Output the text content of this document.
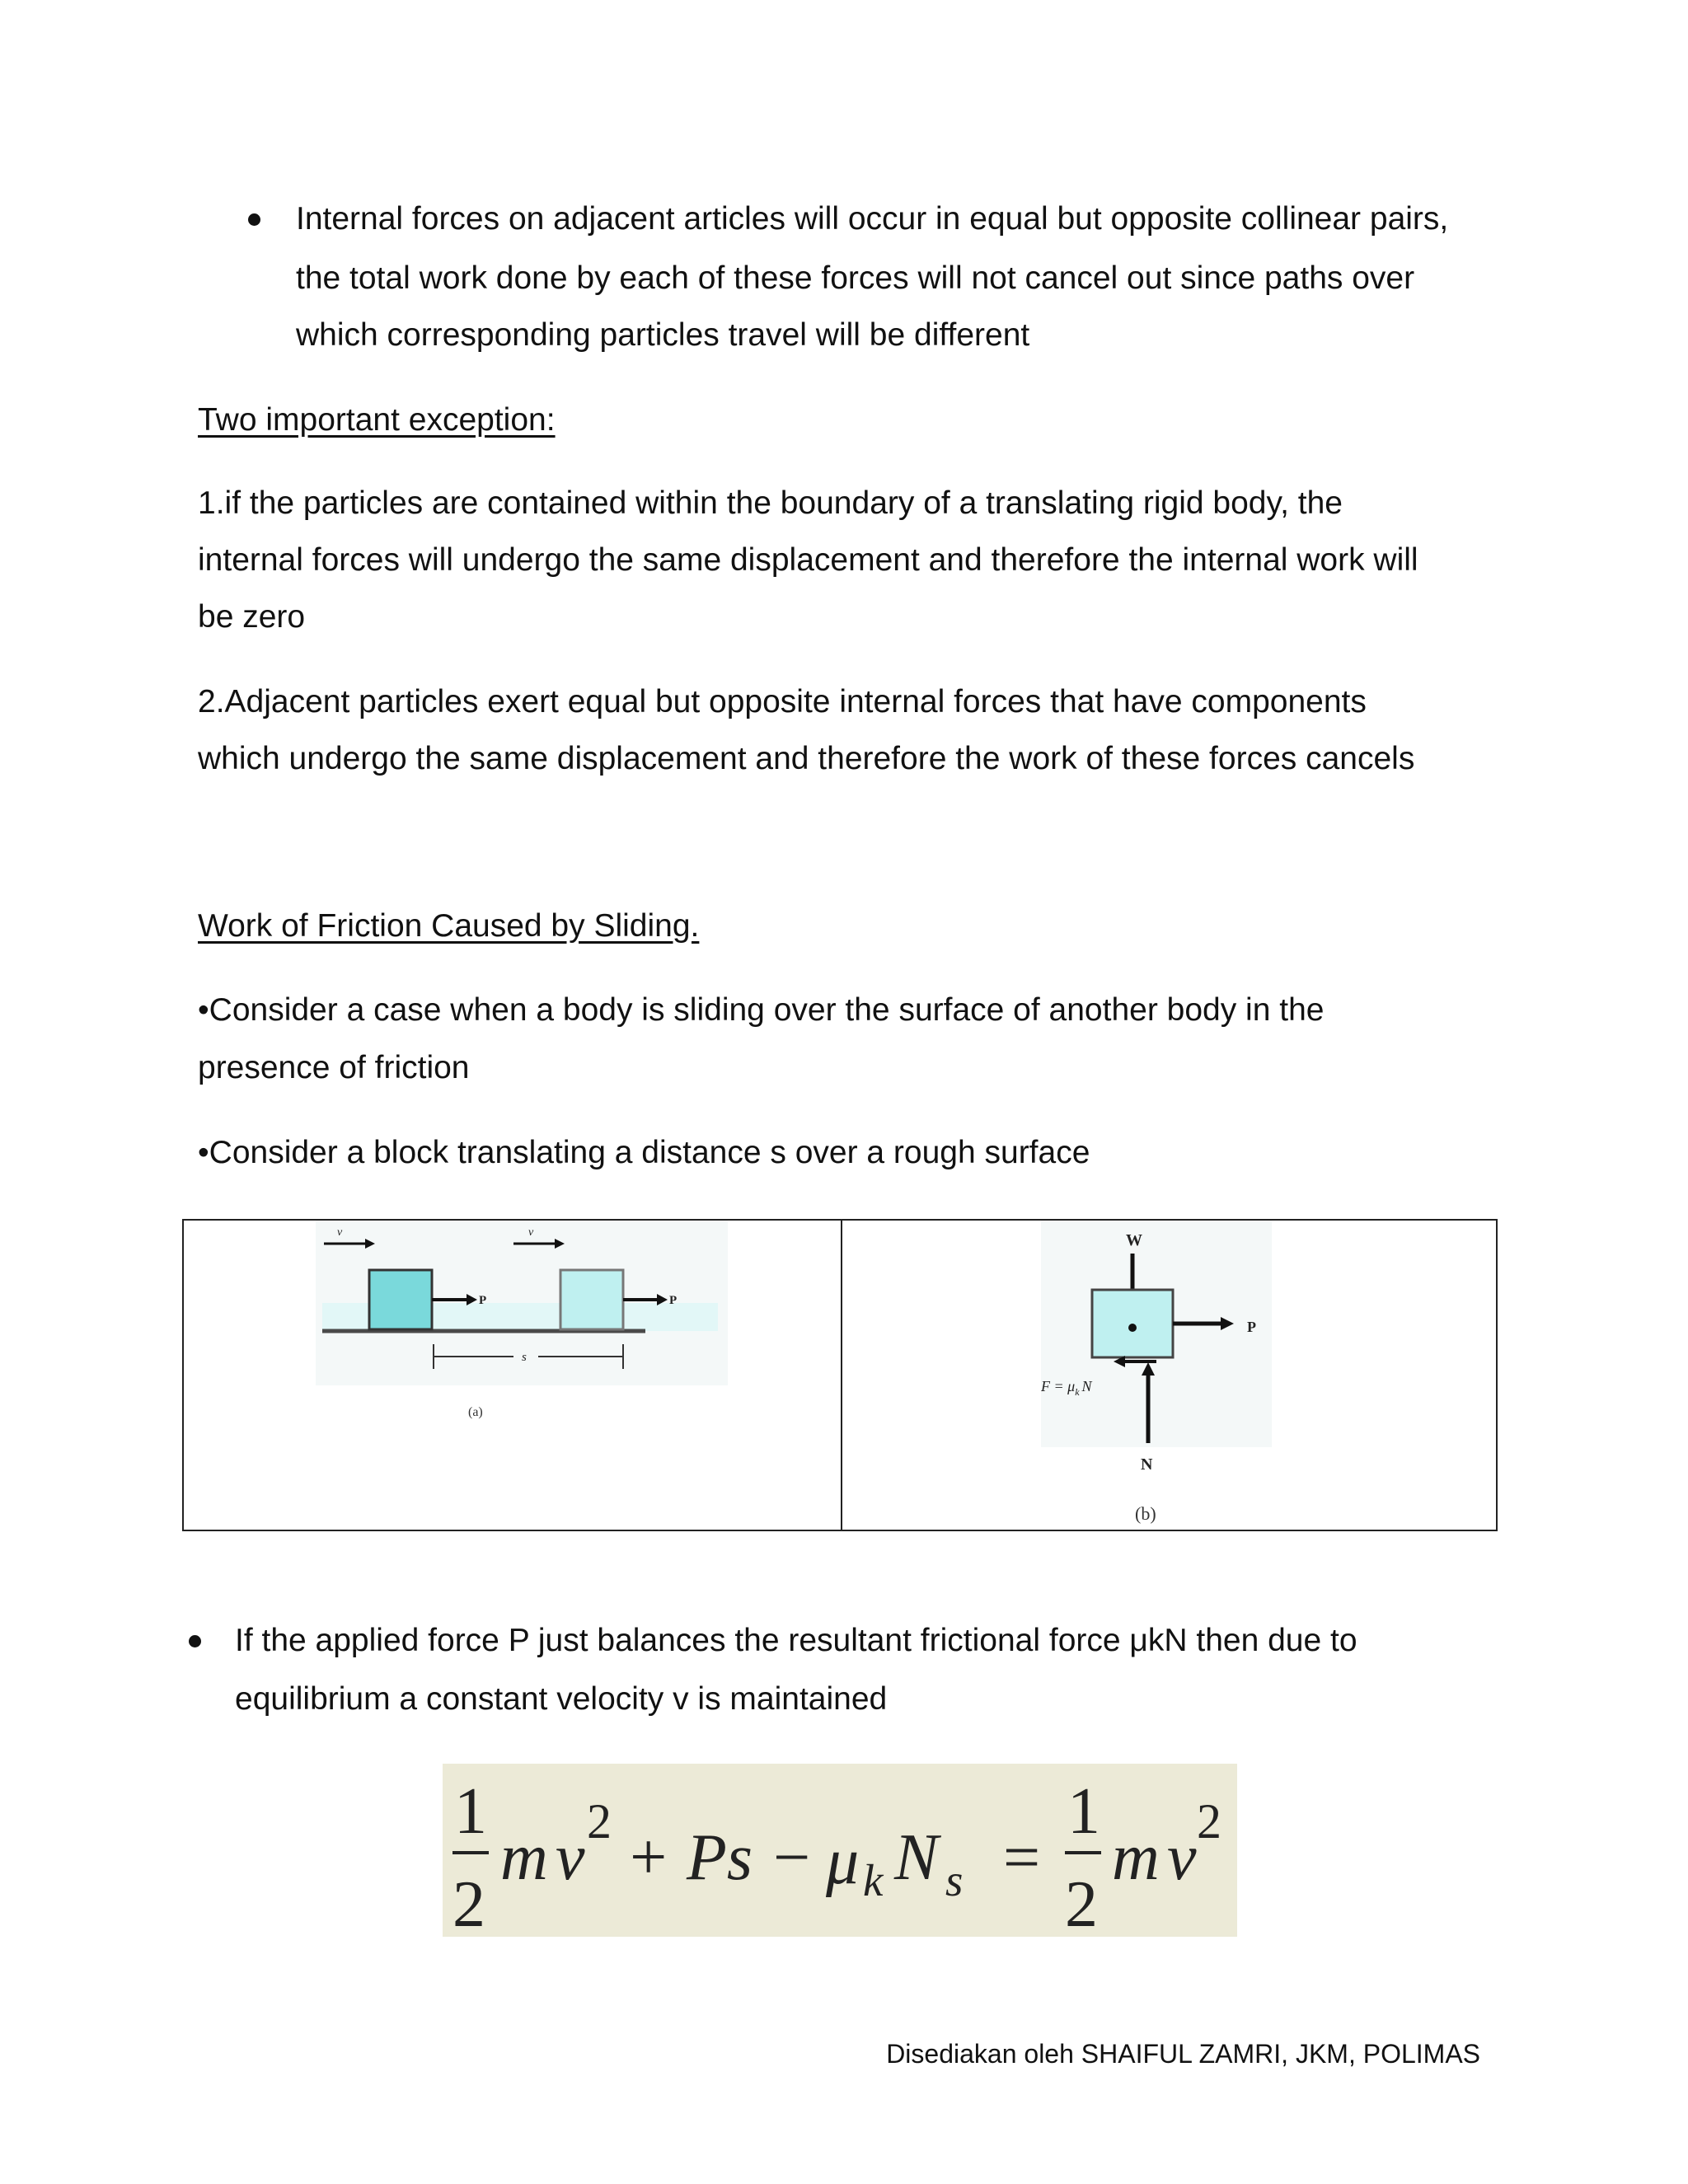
Internal forces on adjacent articles will occur in equal but opposite collinear pairs,

the total work done by each of these forces will not cancel out since paths over

which corresponding particles travel will be different

Two important exception:

1.if the particles are contained within the boundary of a translating rigid body, the

internal forces will undergo the same displacement and therefore the internal work will

be zero

2.Adjacent particles exert equal but opposite internal forces that have components

which undergo the same displacement and therefore the work of these forces cancels

Work of Friction Caused by Sliding.

•Consider a case when a body is sliding over the surface of another body in the

presence of friction

•Consider a block translating a distance s over a rough surface

v	v
P	P
s
(a)
W
P
$F = \mu_k$ N
N
(b)

If the applied force P just balances the resultant frictional force μkN then due to

equilibrium a constant velocity v is maintained

1
2
m v 2 + Ps − μ k N s =
1
2
m v 2

Disediakan oleh SHAIFUL ZAMRI, JKM, POLIMAS
